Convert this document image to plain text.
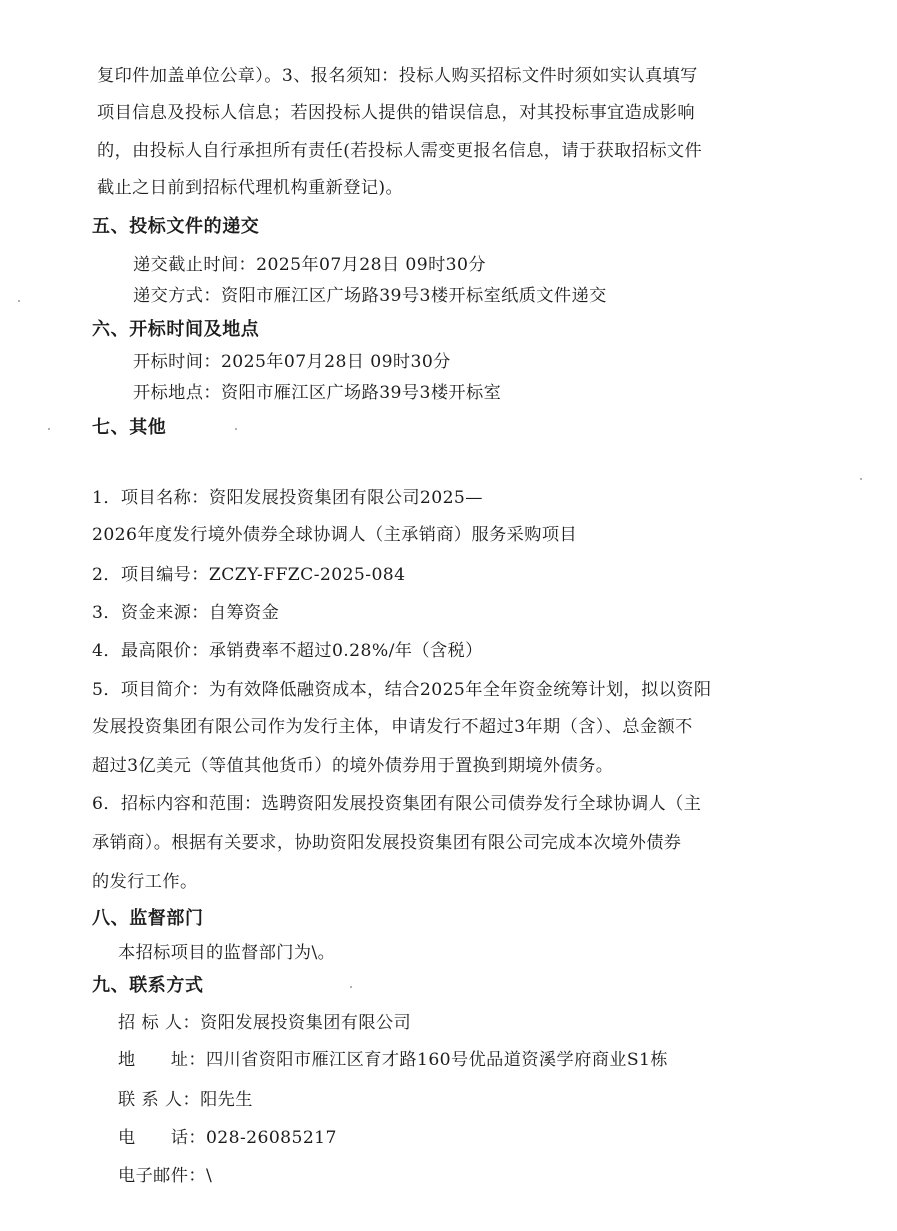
复印件加盖单位公章）。3、报名须知：投标人购买招标文件时须如实认真填写
项目信息及投标人信息；若因投标人提供的错误信息，对其投标事宜造成影响
的，由投标人自行承担所有责任(若投标人需变更报名信息，请于获取招标文件
截止之日前到招标代理机构重新登记)。
五、投标文件的递交
递交截止时间：2025年07月28日 09时30分
递交方式：资阳市雁江区广场路39号3楼开标室纸质文件递交
六、开标时间及地点
开标时间：2025年07月28日 09时30分
开标地点：资阳市雁江区广场路39号3楼开标室
七、其他
1．项目名称：资阳发展投资集团有限公司2025—
2026年度发行境外债券全球协调人（主承销商）服务采购项目
2．项目编号：ZCZY-FFZC-2025-084
3．资金来源：自筹资金
4．最高限价：承销费率不超过0.28%/年（含税）
5．项目简介：为有效降低融资成本，结合2025年全年资金统筹计划，拟以资阳
发展投资集团有限公司作为发行主体，申请发行不超过3年期（含）、总金额不
超过3亿美元（等值其他货币）的境外债券用于置换到期境外债务。
6．招标内容和范围：选聘资阳发展投资集团有限公司债券发行全球协调人（主
承销商）。根据有关要求，协助资阳发展投资集团有限公司完成本次境外债券
的发行工作。
八、监督部门
本招标项目的监督部门为\。
九、联系方式
招 标 人：资阳发展投资集团有限公司
地　　址：四川省资阳市雁江区育才路160号优品道资溪学府商业S1栋
联 系 人：阳先生
电　　话：028-26085217
电子邮件：\
